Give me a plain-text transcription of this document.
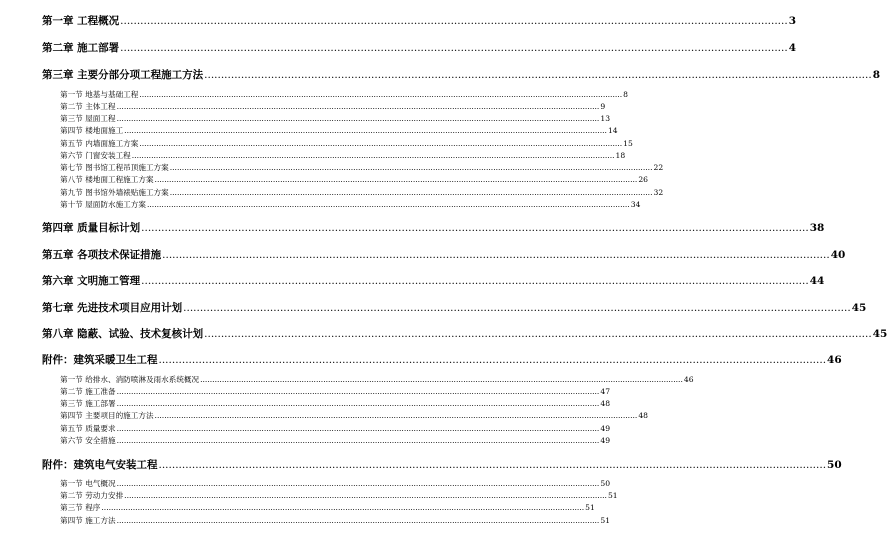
第一章 工程概况 ........................................................................................................................................................................................................ 3
第二章 施工部署 ........................................................................................................................................................................................................ 4
第三章 主要分部分项工程施工方法 ........................................................................................................................................................................................................ 8
第一节 地基与基础工程 ........................................................................................................................................................................................................ 8
第二节 主体工程 ........................................................................................................................................................................................................ 9
第三节 屋面工程 ........................................................................................................................................................................................................ 13
第四节 楼地面施工 ........................................................................................................................................................................................................ 14
第五节 内墙面施工方案 ........................................................................................................................................................................................................ 15
第六节 门窗安装工程 ........................................................................................................................................................................................................ 18
第七节 图书馆工程吊顶施工方案 ........................................................................................................................................................................................................ 22
第八节 楼地面工程施工方案 ........................................................................................................................................................................................................ 26
第九节 图书馆外墙裱贴施工方案 ........................................................................................................................................................................................................ 32
第十节 屋面防水施工方案 ........................................................................................................................................................................................................ 34
第四章 质量目标计划 ........................................................................................................................................................................................................ 38
第五章 各项技术保证措施 ........................................................................................................................................................................................................ 40
第六章 文明施工管理 ........................................................................................................................................................................................................ 44
第七章 先进技术项目应用计划 ........................................................................................................................................................................................................ 45
第八章 隐蔽、试验、技术复核计划 ........................................................................................................................................................................................................ 45
附件：建筑采暖卫生工程 ........................................................................................................................................................................................................ 46
第一节 给排水、消防喷淋及雨水系统概况 ........................................................................................................................................................................................................ 46
第二节 施工准备 ........................................................................................................................................................................................................ 47
第三节 施工部署 ........................................................................................................................................................................................................ 48
第四节 主要项目的施工方法 ........................................................................................................................................................................................................ 48
第五节 质量要求 ........................................................................................................................................................................................................ 49
第六节 安全措施 ........................................................................................................................................................................................................ 49
附件：建筑电气安装工程 ........................................................................................................................................................................................................ 50
第一节 电气概况 ........................................................................................................................................................................................................ 50
第二节 劳动力安排 ........................................................................................................................................................................................................ 51
第三节 程序 ........................................................................................................................................................................................................ 51
第四节 施工方法 ........................................................................................................................................................................................................ 51
